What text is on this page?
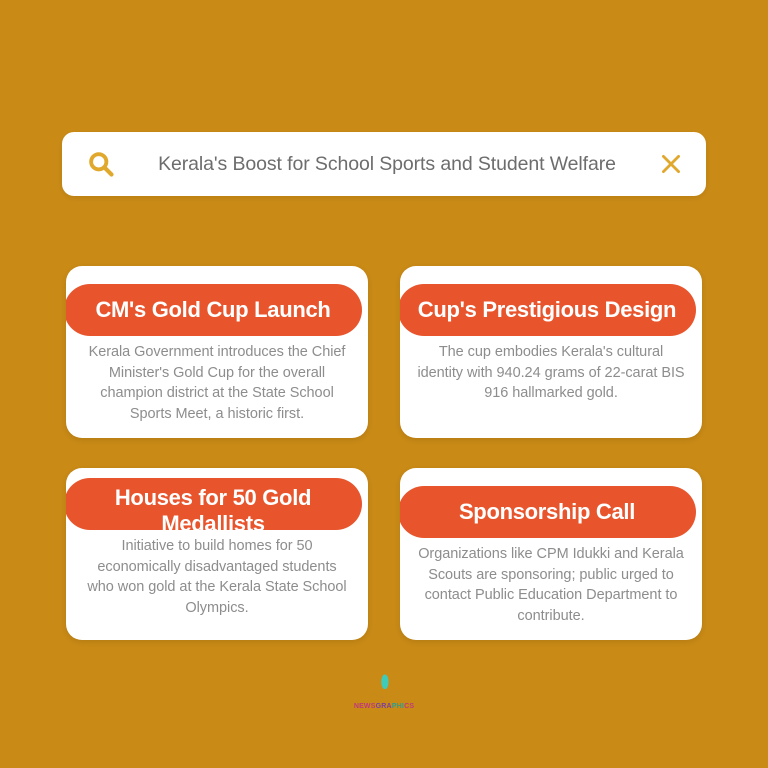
Kerala's Boost for School Sports and Student Welfare
CM's Gold Cup Launch
Kerala Government introduces the Chief Minister's Gold Cup for the overall champion district at the State School Sports Meet, a historic first.
Cup's Prestigious Design
The cup embodies Kerala's cultural identity with 940.24 grams of 22-carat BIS 916 hallmarked gold.
Houses for 50 Gold Medallists
Initiative to build homes for 50 economically disadvantaged students who won gold at the Kerala State School Olympics.
Sponsorship Call
Organizations like CPM Idukki and Kerala Scouts are sponsoring; public urged to contact Public Education Department to contribute.
NEWS GRA PHI CS
